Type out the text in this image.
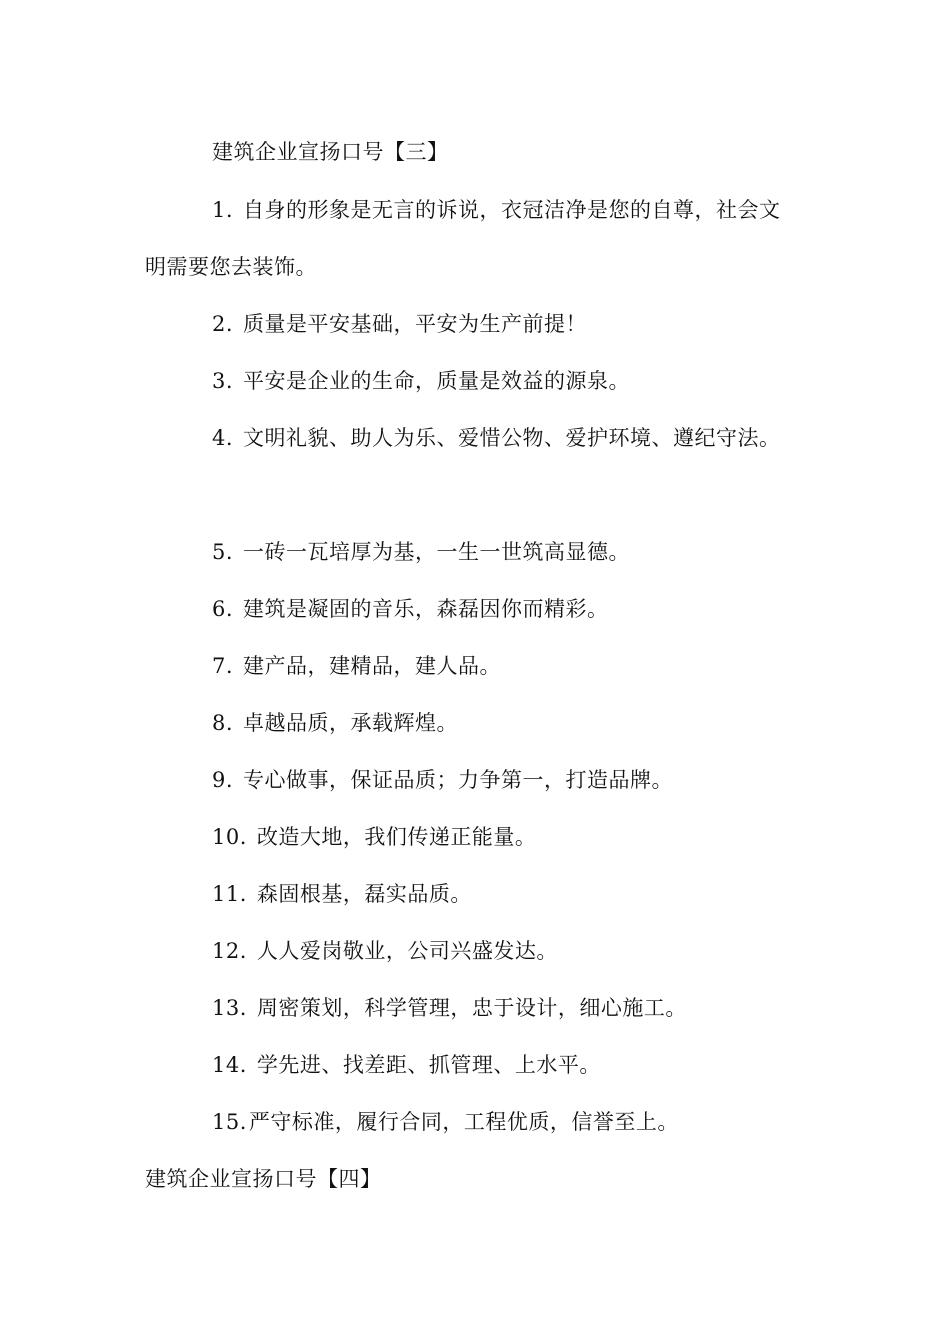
建筑企业宣扬口号【三】
1. 自身的形象是无言的诉说，衣冠洁净是您的自尊，社会文
明需要您去装饰。
2. 质量是平安基础，平安为生产前提！
3. 平安是企业的生命，质量是效益的源泉。
4. 文明礼貌、助人为乐、爱惜公物、爱护环境、遵纪守法。
5. 一砖一瓦培厚为基，一生一世筑高显德。
6. 建筑是凝固的音乐，森磊因你而精彩。
7. 建产品，建精品，建人品。
8. 卓越品质，承载辉煌。
9. 专心做事，保证品质；力争第一，打造品牌。
10. 改造大地，我们传递正能量。
11. 森固根基，磊实品质。
12. 人人爱岗敬业，公司兴盛发达。
13. 周密策划，科学管理，忠于设计，细心施工。
14. 学先进、找差距、抓管理、上水平。
15.严守标准，履行合同，工程优质，信誉至上。
建筑企业宣扬口号【四】
